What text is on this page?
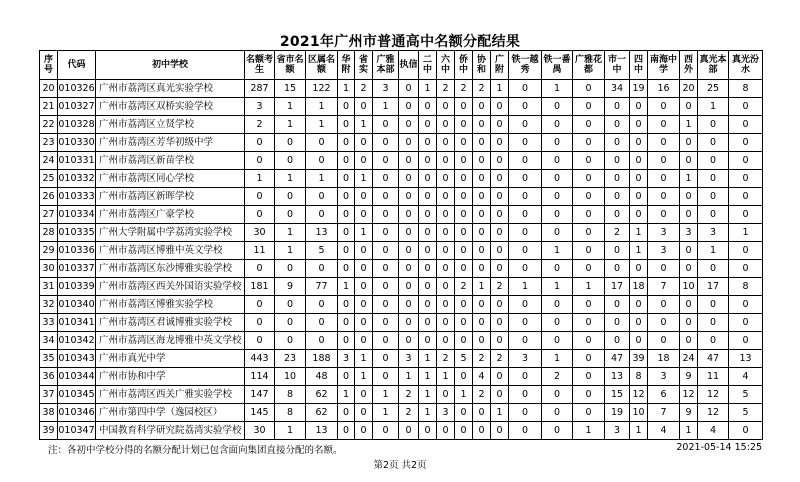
2021年广州市普通高中名额分配结果
序号	代码	初中学校	名额考生	省市名额	区属名额	华附	省实	广雅本部	执信	二中	六中	侨中	协和	广附	铁一越秀	铁一番禺	广雅花都	市一中	四中	南海中学	西外	真光本部	真光汾水
20	010326	广州市荔湾区真光实验学校	287	15	122	1	2	3	0	1	2	2	2	1	0	1	0	34	19	16	20	25	8
21	010327	广州市荔湾区双桥实验学校	3	1	1	0	0	1	0	0	0	0	0	0	0	0	0	0	0	0	0	1	0
22	010328	广州市荔湾区立贤学校	2	1	1	0	1	0	0	0	0	0	0	0	0	0	0	0	0	0	1	0	0
23	010330	广州市荔湾区芳华初级中学	0	0	0	0	0	0	0	0	0	0	0	0	0	0	0	0	0	0	0	0	0
24	010331	广州市荔湾区新苗学校	0	0	0	0	0	0	0	0	0	0	0	0	0	0	0	0	0	0	0	0	0
25	010332	广州市荔湾区同心学校	1	1	1	0	1	0	0	0	0	0	0	0	0	0	0	0	0	0	1	0	0
26	010333	广州市荔湾区新晖学校	0	0	0	0	0	0	0	0	0	0	0	0	0	0	0	0	0	0	0	0	0
27	010334	广州市荔湾区广豪学校	0	0	0	0	0	0	0	0	0	0	0	0	0	0	0	0	0	0	0	0	0
28	010335	广州大学附属中学荔湾实验学校	30	1	13	0	1	0	0	0	0	0	0	0	0	0	0	2	1	3	3	3	1
29	010336	广州市荔湾区博雅中英文学校	11	1	5	0	0	0	0	0	0	0	0	0	0	1	0	0	1	3	0	1	0
30	010337	广州市荔湾区东沙博雅实验学校	0	0	0	0	0	0	0	0	0	0	0	0	0	0	0	0	0	0	0	0	0
31	010339	广州市荔湾区西关外国语实验学校	181	9	77	1	0	0	0	0	0	2	1	2	1	1	1	17	18	7	10	17	8
32	010340	广州市荔湾区博雅实验学校	0	0	0	0	0	0	0	0	0	0	0	0	0	0	0	0	0	0	0	0	0
33	010341	广州市荔湾区君诚博雅实验学校	0	0	0	0	0	0	0	0	0	0	0	0	0	0	0	0	0	0	0	0	0
34	010342	广州市荔湾区海龙博雅中英文学校	0	0	0	0	0	0	0	0	0	0	0	0	0	0	0	0	0	0	0	0	0
35	010343	广州市真光中学	443	23	188	3	1	0	3	1	2	5	2	2	3	1	0	47	39	18	24	47	13
36	010344	广州市协和中学	114	10	48	0	1	0	1	1	1	0	4	0	0	2	0	13	8	3	9	11	4
37	010345	广州市荔湾区西关广雅实验学校	147	8	62	1	0	1	2	1	0	1	2	0	0	0	0	15	12	6	12	12	5
38	010346	广州市第四中学（逸园校区）	145	8	62	0	0	1	2	1	3	0	0	1	0	0	0	19	10	7	9	12	5
39	010347	中国教育科学研究院荔湾实验学校	30	1	13	0	0	0	0	0	0	0	0	0	0	0	1	3	1	4	1	4	0
注：各初中学校分得的名额分配计划已包含面向集团直接分配的名额。	2021-05-14 15:25
第2页 共2页
